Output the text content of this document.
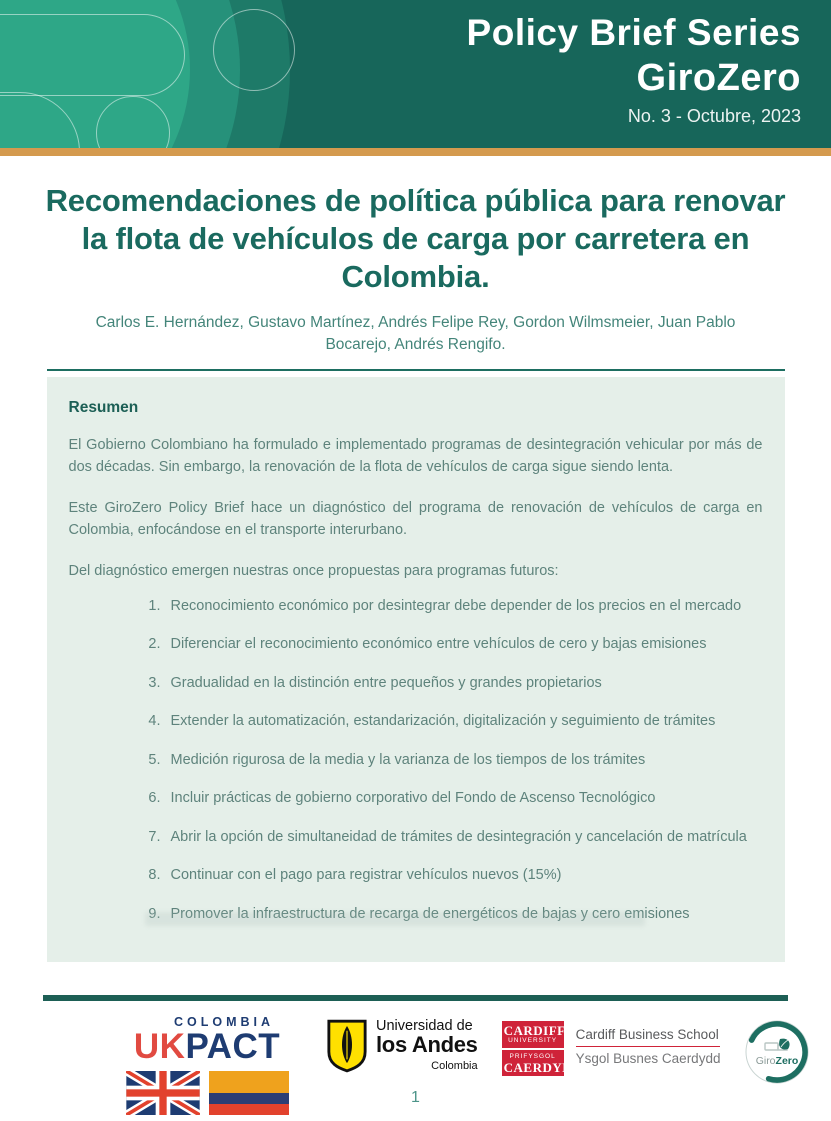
Policy Brief Series
GiroZero
No. 3 - Octubre, 2023
Recomendaciones de política pública para renovar la flota de vehículos de carga por carretera en Colombia.

Carlos E. Hernández, Gustavo Martínez, Andrés Felipe Rey, Gordon Wilmsmeier, Juan Pablo Bocarejo, Andrés Rengifo.

Resumen

El Gobierno Colombiano ha formulado e implementado programas de desintegración vehicular por más de dos décadas. Sin embargo, la renovación de la flota de vehículos de carga sigue siendo lenta.

Este GiroZero Policy Brief hace un diagnóstico del programa de renovación de vehículos de carga en Colombia, enfocándose en el transporte interurbano.

Del diagnóstico emergen nuestras once propuestas para programas futuros:

1. Reconocimiento económico por desintegrar debe depender de los precios en el mercado
2. Diferenciar el reconocimiento económico entre vehículos de cero y bajas emisiones
3. Gradualidad en la distinción entre pequeños y grandes propietarios
4. Extender la automatización, estandarización, digitalización y seguimiento de trámites
5. Medición rigurosa de la media y la varianza de los tiempos de los trámites
6. Incluir prácticas de gobierno corporativo del Fondo de Ascenso Tecnológico
7. Abrir la opción de simultaneidad de trámites de desintegración y cancelación de matrícula
8. Continuar con el pago para registrar vehículos nuevos (15%)
9. Promover la infraestructura de recarga de energéticos de bajas y cero emisiones
COLOMBIA
UKPACT
Universidad de
los Andes
Colombia
CARDIFF
UNIVERSITY
PRIFYSGOL
CAERDYDD
Cardiff Business School
Ysgol Busnes Caerdydd	GiroZero
1
